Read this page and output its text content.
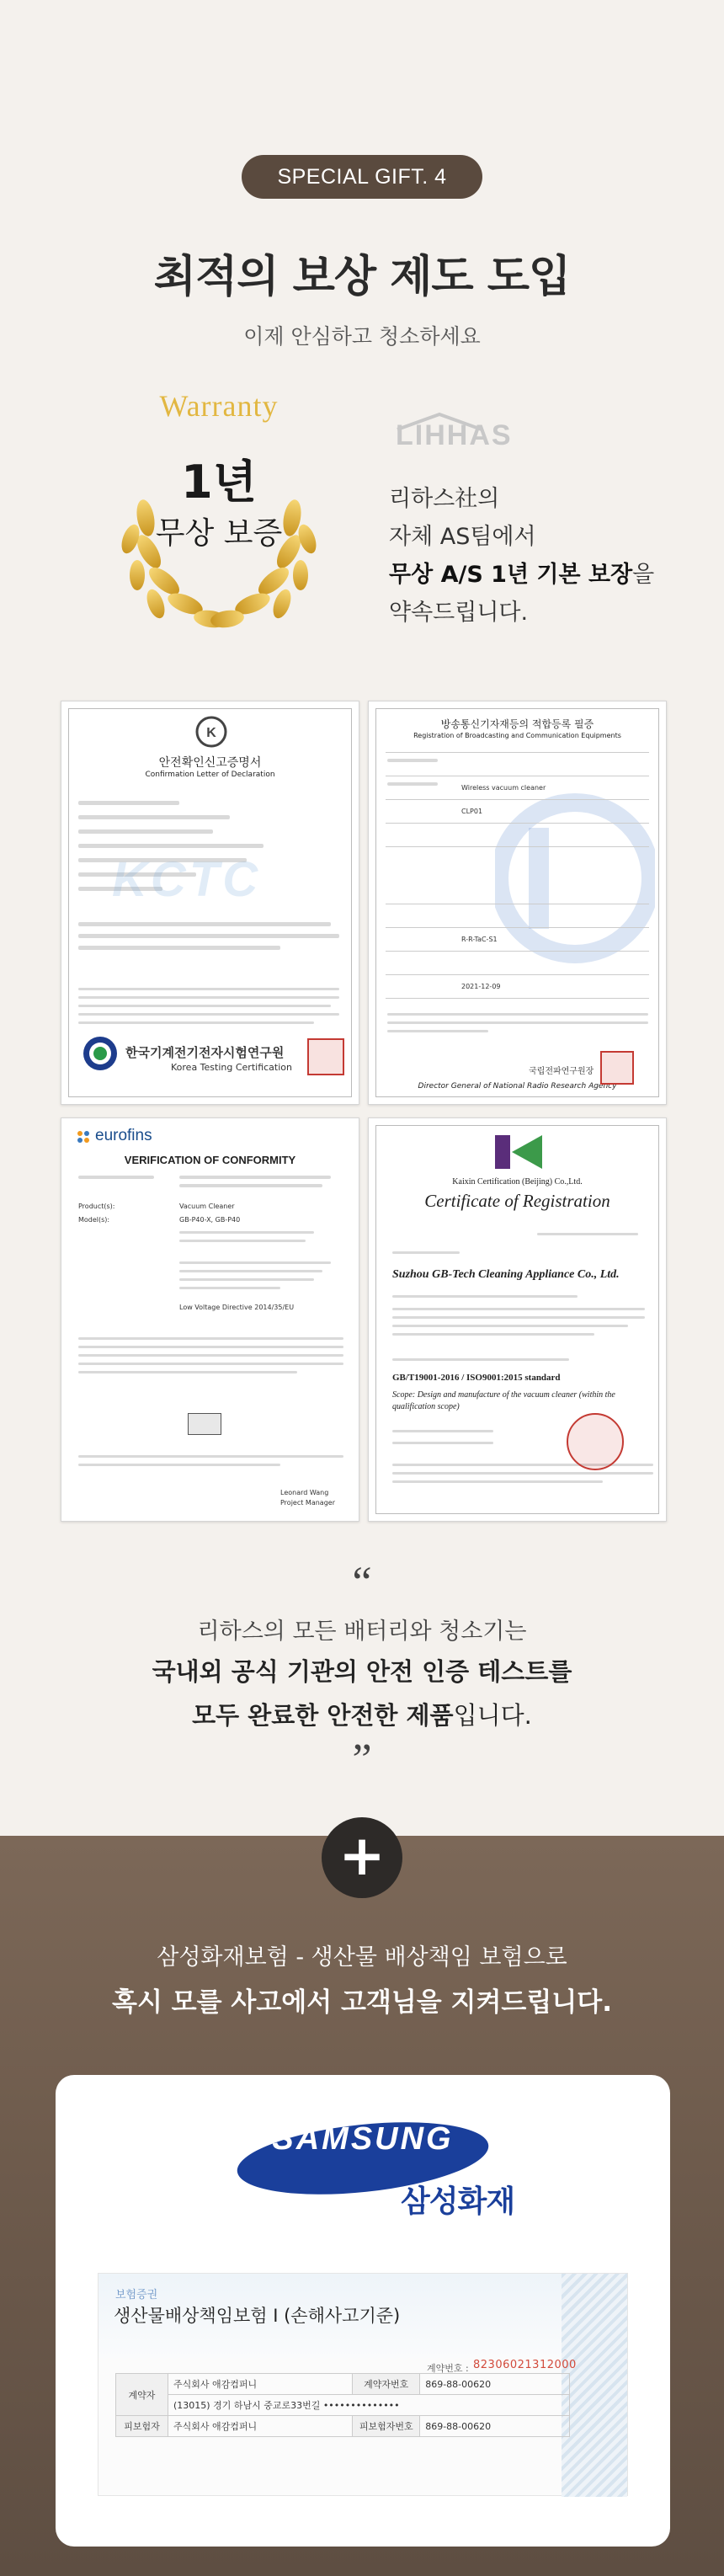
SPECIAL GIFT. 4
최적의 보상 제도 도입
이제 안심하고 청소하세요
Warranty
1년
무상 보증
LIHHAS
리하스社의
자체 AS팀에서
무상 A/S 1년 기본 보장을
약속드립니다.
K
안전확인신고증명서
Confirmation Letter of Declaration
KCTC
한국기계전기전자시험연구원
Korea Testing Certification
방송통신기자재등의 적합등록 필증
Registration of Broadcasting and Communication Equipments
Wireless vacuum cleaner
CLP01
R-R-TaC-S1
2021-12-09
국립전파연구원장
Director General of National Radio Research Agency
eurofins
VERIFICATION OF CONFORMITY
Product(s):	Vacuum Cleaner
Model(s):	GB-P40-X, GB-P40
Low Voltage Directive 2014/35/EU
Leonard Wang
Project Manager
Kaixin Certification (Beijing) Co.,Ltd.
Certificate of Registration
Suzhou GB-Tech Cleaning Appliance Co., Ltd.
GB/T19001-2016 / ISO9001:2015 standard
Scope: Design and manufacture of the vacuum cleaner (within the qualification scope)
“
리하스의 모든 배터리와 청소기는
국내외 공식 기관의 안전 인증 테스트를
모두 완료한 안전한 제품입니다.
”
+
삼성화재보험 - 생산물 배상책임 보험으로
혹시 모를 사고에서 고객님을 지켜드립니다.
SAMSUNG
삼성화재
보험증권
생산물배상책임보험 I (손해사고기준)
계약번호 : 82306021312000
계약자	주식회사 애감컴퍼니	계약자번호	869-88-00620
	(13015) 경기 하남시 중교로33번길 ••••••••••••••		
피보험자	주식회사 애감컴퍼니	피보험자번호	869-88-00620
